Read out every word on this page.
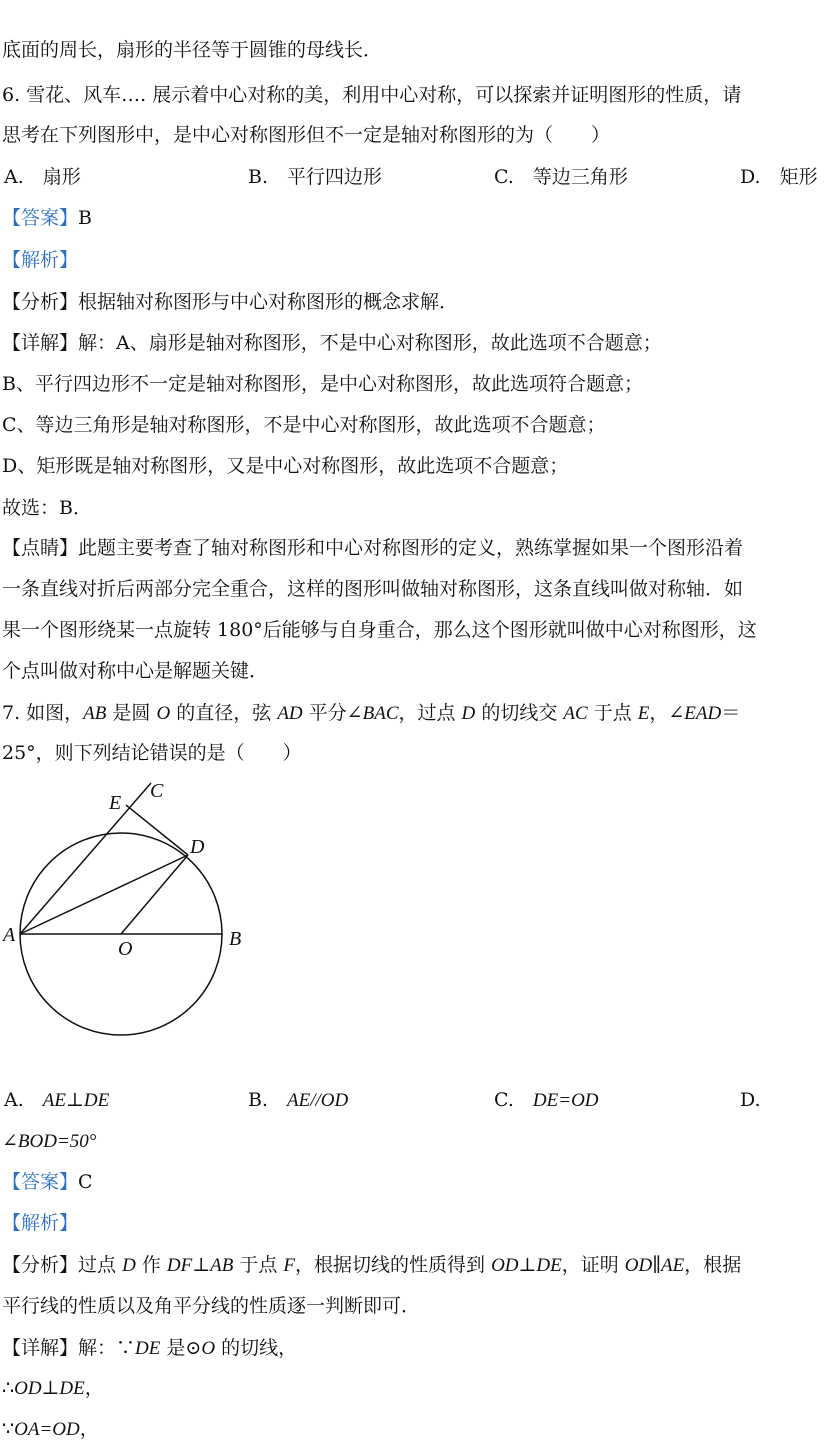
底面的周长，扇形的半径等于圆锥的母线长．
6. 雪花、风车…. 展示着中心对称的美，利用中心对称，可以探索并证明图形的性质，请
思考在下列图形中，是中心对称图形但不一定是轴对称图形的为（　　）
A.　扇形	B.　平行四边形	C.　等边三角形	D.　矩形
【答案】B
【解析】
【分析】根据轴对称图形与中心对称图形的概念求解．
【详解】解：A、扇形是轴对称图形，不是中心对称图形，故此选项不合题意；
B、平行四边形不一定是轴对称图形，是中心对称图形，故此选项符合题意；
C、等边三角形是轴对称图形，不是中心对称图形，故此选项不合题意；
D、矩形既是轴对称图形，又是中心对称图形，故此选项不合题意；
故选：B．
【点睛】此题主要考查了轴对称图形和中心对称图形的定义，熟练掌握如果一个图形沿着
一条直线对折后两部分完全重合，这样的图形叫做轴对称图形，这条直线叫做对称轴．如
果一个图形绕某一点旋转 180°后能够与自身重合，那么这个图形就叫做中心对称图形，这
个点叫做对称中心是解题关键．
7. 如图，AB 是圆 O 的直径，弦 AD 平分∠BAC，过点 D 的切线交 AC 于点 E，∠EAD＝
25°，则下列结论错误的是（　　）
E
C
D
A
O	B
A.　 AE⊥DE	B.　 AE//OD	C.　 DE=OD	D.
∠BOD=50°
【答案】C
【解析】
【分析】过点 D 作 DF⊥AB 于点 F，根据切线的性质得到 OD⊥DE，证明 OD∥AE，根据
平行线的性质以及角平分线的性质逐一判断即可．
【详解】解：∵DE 是⊙O 的切线，
∴OD⊥DE，
∵OA=OD，
